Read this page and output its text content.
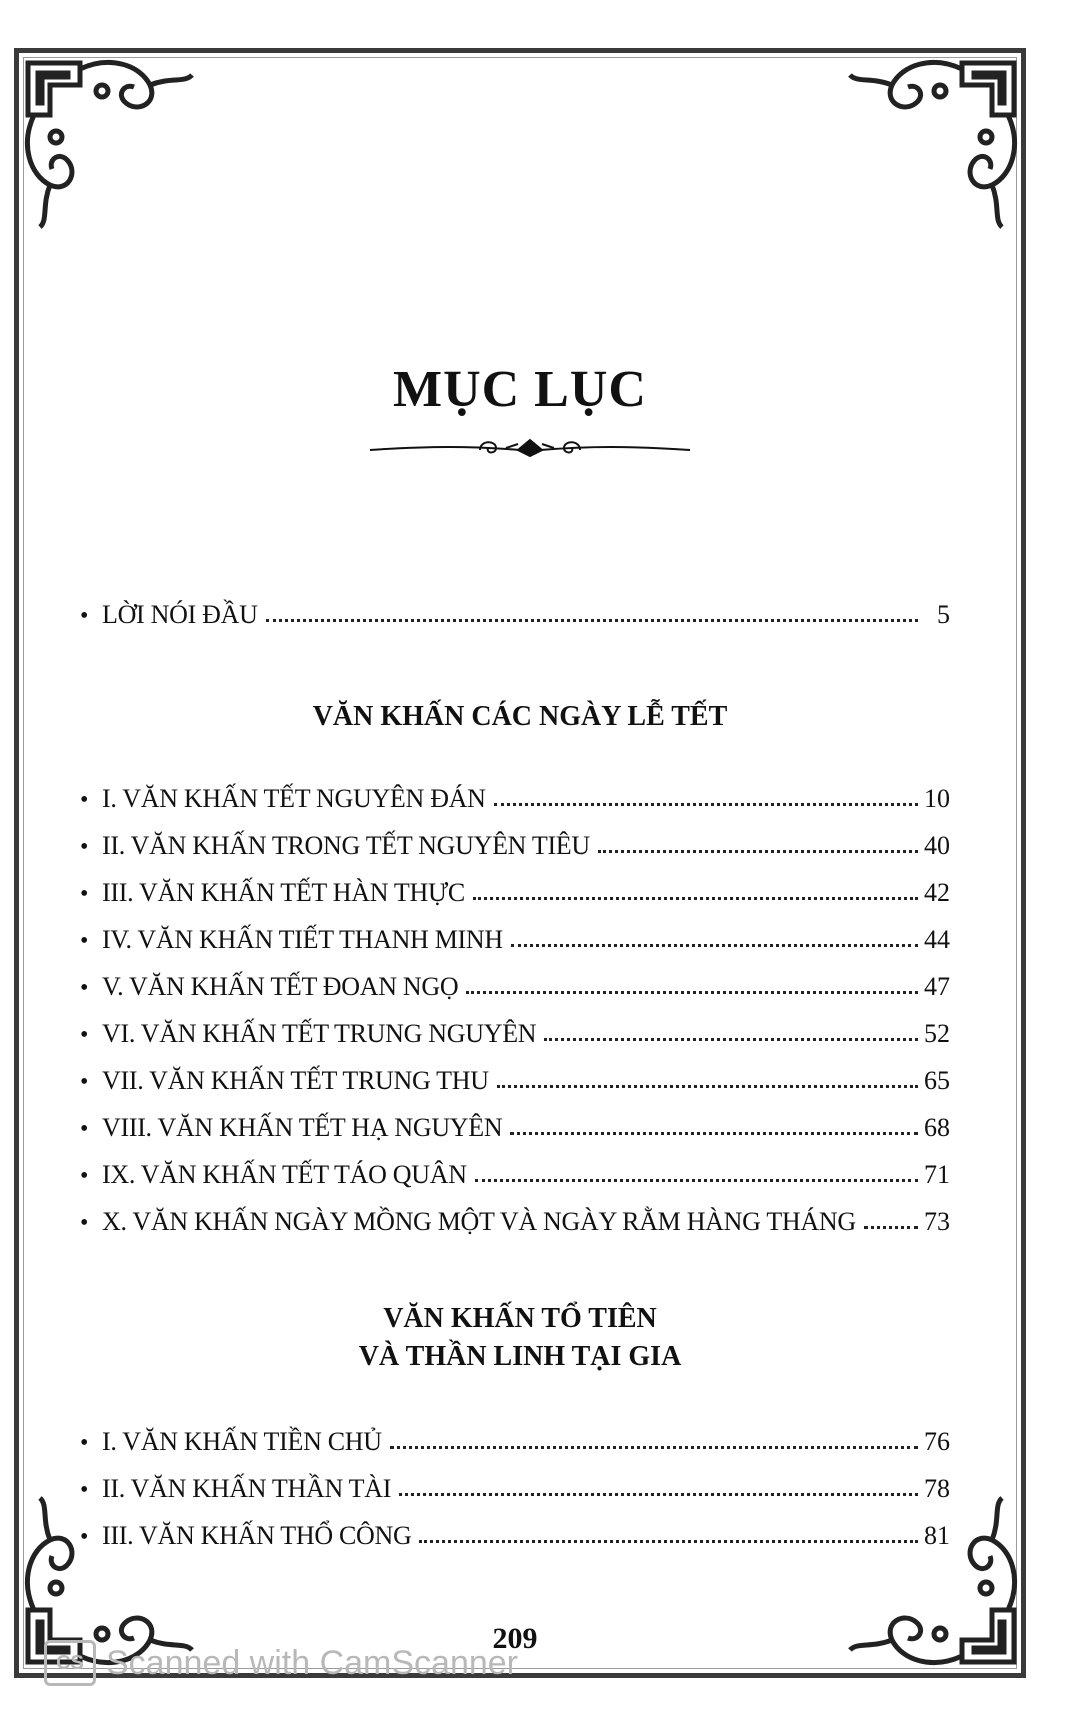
MỤC LỤC
• LỜI NÓI ĐẦU	5
VĂN KHẤN CÁC NGÀY LỄ TẾT
• I. VĂN KHẤN TẾT NGUYÊN ĐÁN	10
• II. VĂN KHẤN TRONG TẾT NGUYÊN TIÊU	40
• III. VĂN KHẤN TẾT HÀN THỰC	42
• IV. VĂN KHẤN TIẾT THANH MINH	44
• V. VĂN KHẤN TẾT ĐOAN NGỌ	47
• VI. VĂN KHẤN TẾT TRUNG NGUYÊN	52
• VII. VĂN KHẤN TẾT TRUNG THU	65
• VIII. VĂN KHẤN TẾT HẠ NGUYÊN	68
• IX. VĂN KHẤN TẾT TÁO QUÂN	71
• X. VĂN KHẤN NGÀY MỒNG MỘT VÀ NGÀY RẰM HÀNG THÁNG	73
VĂN KHẤN TỔ TIÊN
VÀ THẦN LINH TẠI GIA
• I. VĂN KHẤN TIỀN CHỦ	76
• II. VĂN KHẤN THẦN TÀI	78
• III. VĂN KHẤN THỔ CÔNG	81
209
CS Scanned with CamScanner
